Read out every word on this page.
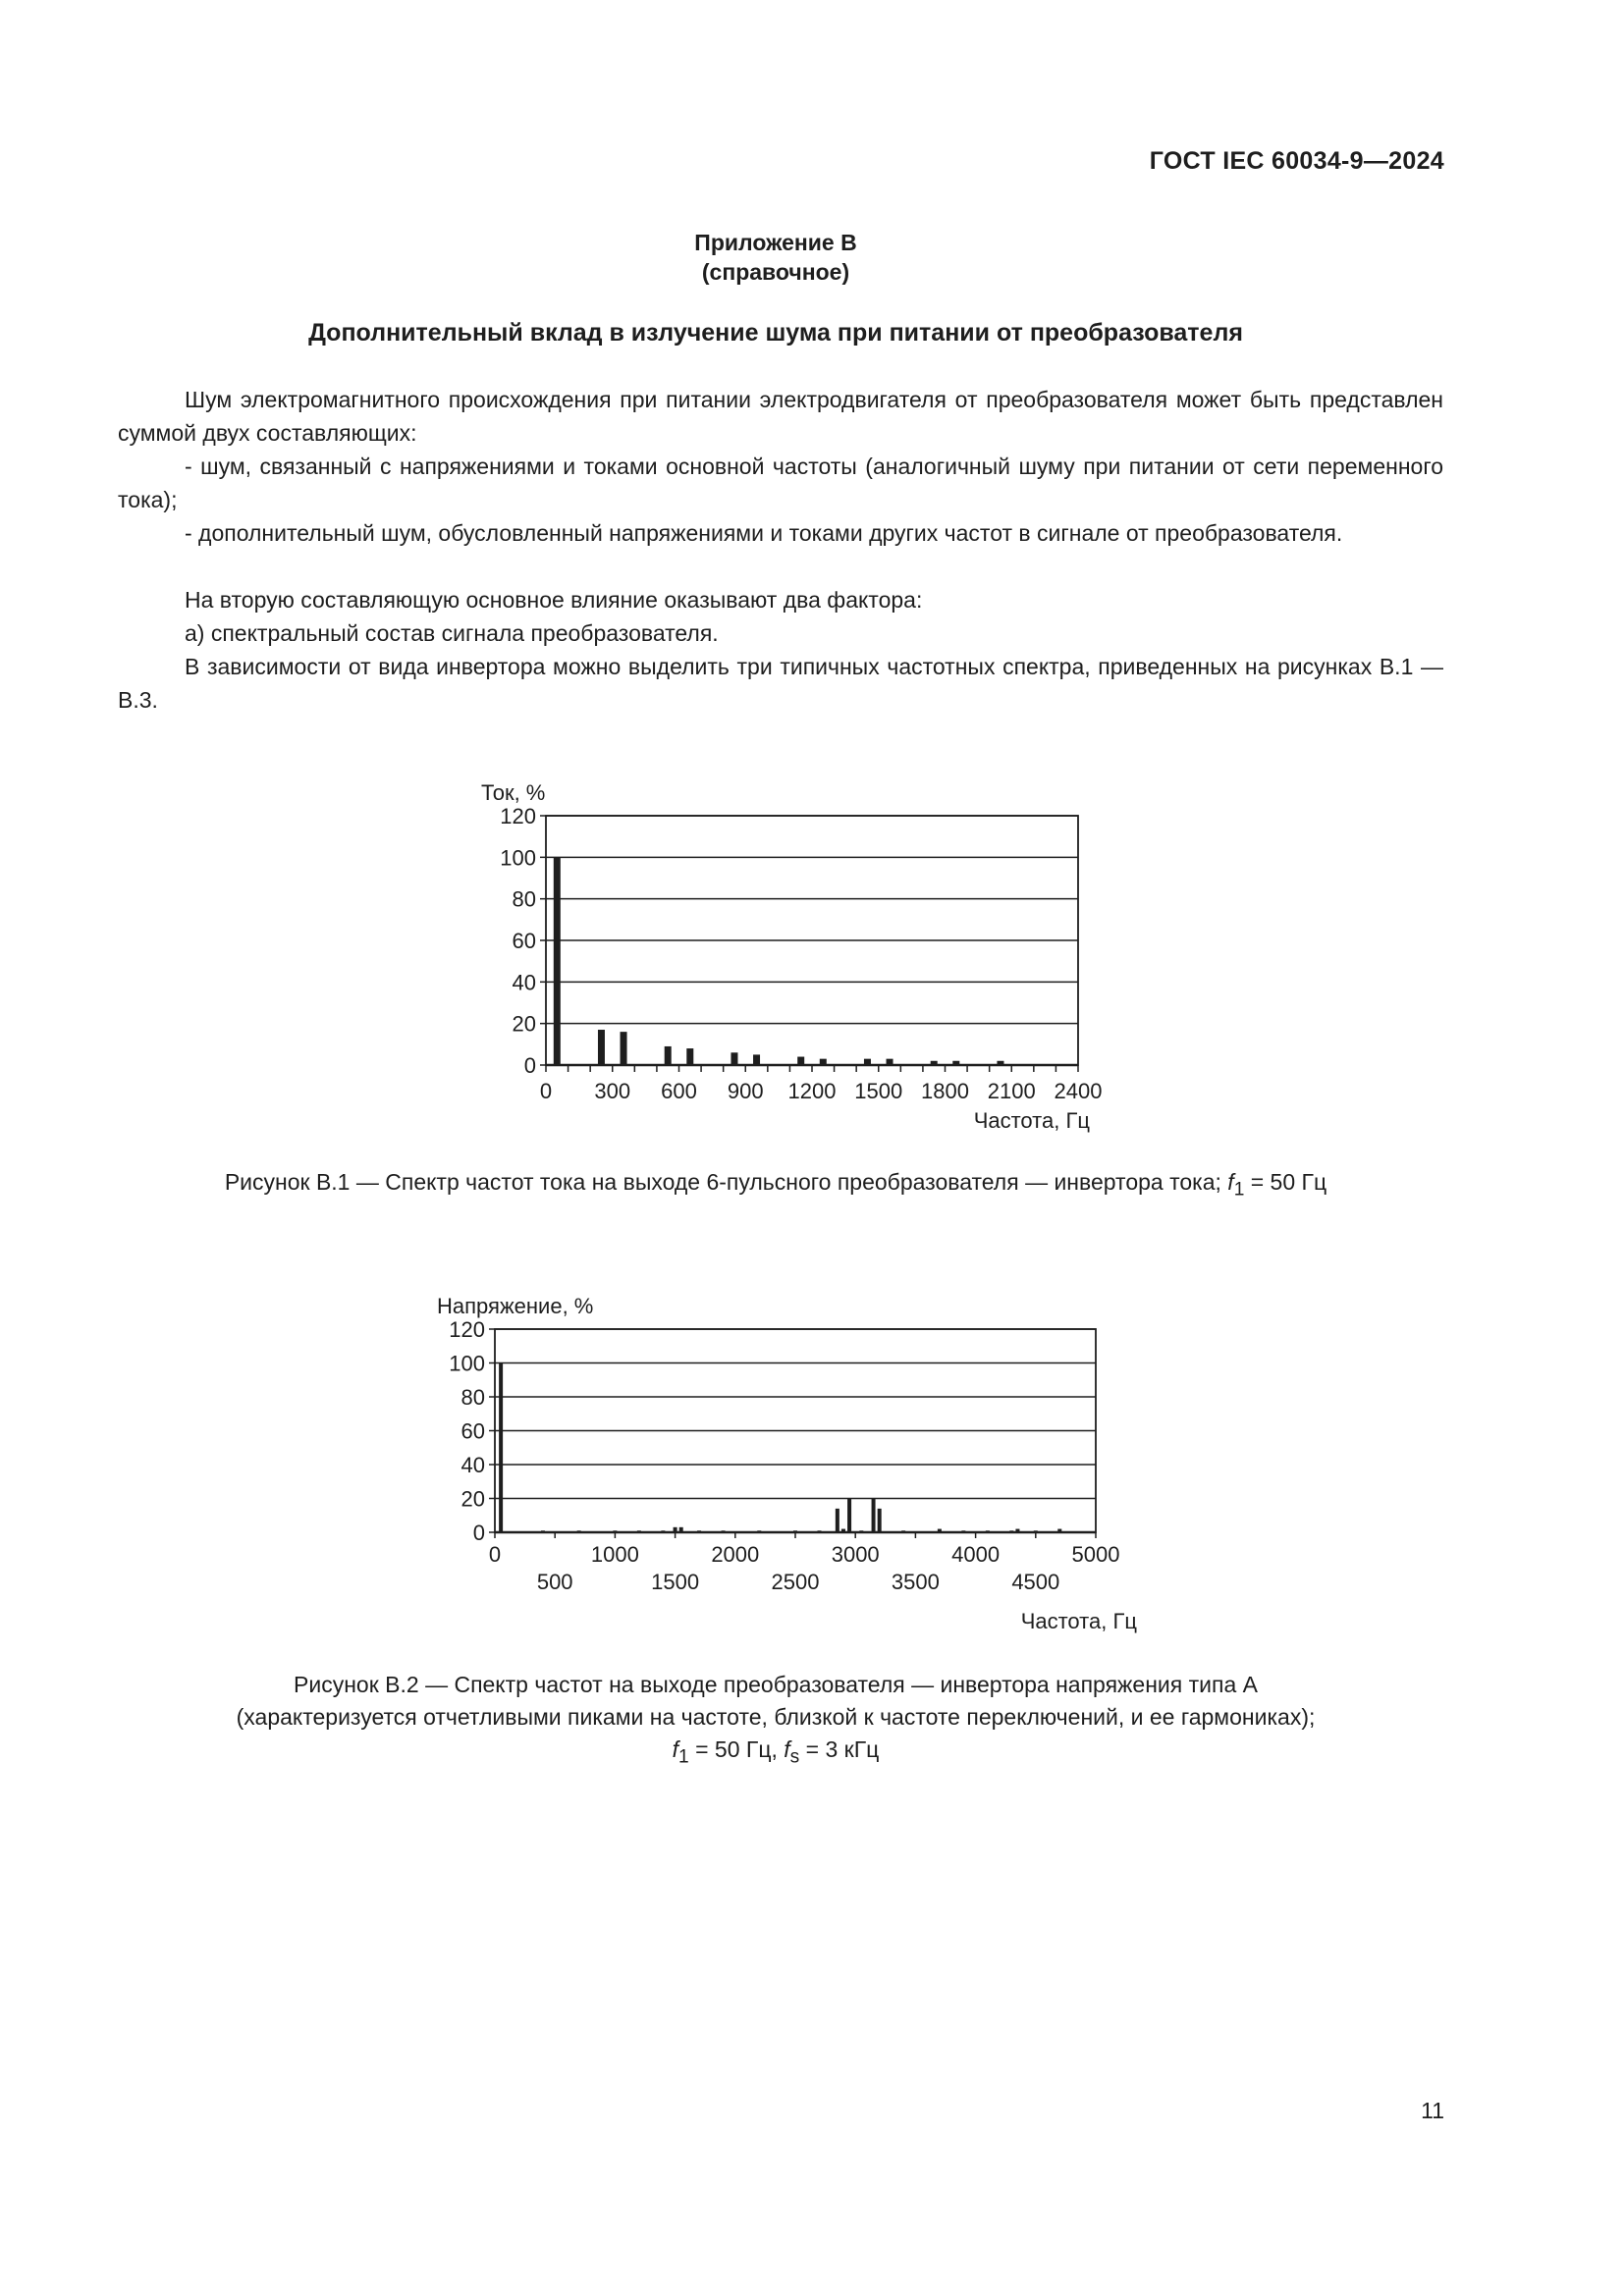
ГОСТ IEC 60034-9—2024
Приложение В
(справочное)
Дополнительный вклад в излучение шума при питании от преобразователя

Шум электромагнитного происхождения при питании электродвигателя от преобразователя может быть представлен суммой двух составляющих:

- шум, связанный с напряжениями и токами основной частоты (аналогичный шуму при питании от сети переменного тока);

- дополнительный шум, обусловленный напряжениями и токами других частот в сигнале от преобразователя.

На вторую составляющую основное влияние оказывают два фактора:

а) спектральный состав сигнала преобразователя.

В зависимости от вида инвертора можно выделить три типичных частотных спектра, приведенных на рисунках В.1 — В.3.

Ток, %
0
20
40
60
80
100
120
0 300 600 900 1200 1500 1800 2100 2400
Частота, Гц
Рисунок В.1 — Спектр частот тока на выходе 6-пульсного преобразователя — инвертора тока; $f_1 = 50$ Гц
Напряжение, %
0
20
40
60
80
100
120
0	1000	2000	3000	4000	5000
500	1500	2500	3500	4500
Частота, Гц
Рисунок В.2 — Спектр частот на выходе преобразователя — инвертора напряжения типа А
(характеризуется отчетливыми пиками на частоте, близкой к частоте переключений, и ее гармониках);
$f_1 = 50$ Гц, $f_s = 3$ кГц
11
